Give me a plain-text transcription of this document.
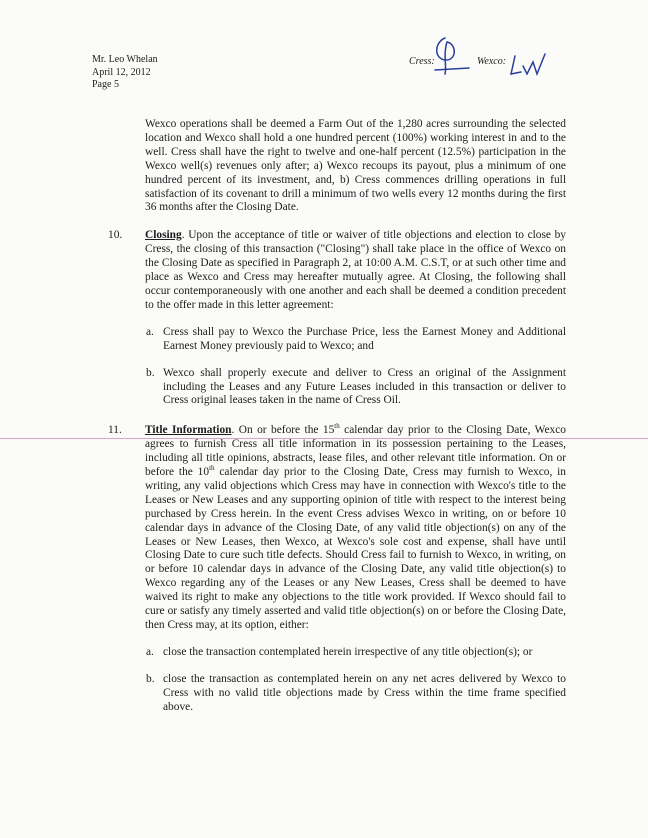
Mr. Leo Whelan
April 12, 2012
Page 5
Cress:	Wexco:

Wexco operations shall be deemed a Farm Out of the 1,280 acres surrounding the selected location and Wexco shall hold a one hundred percent (100%) working interest in and to the well. Cress shall have the right to twelve and one-half percent (12.5%) participation in the Wexco well(s) revenues only after; a) Wexco recoups its payout, plus a minimum of one hundred percent of its investment, and, b) Cress commences drilling operations in full satisfaction of its covenant to drill a minimum of two wells every 12 months during the first 36 months after the Closing Date.

10. Closing. Upon the acceptance of title or waiver of title objections and election to close by Cress, the closing of this transaction ("Closing") shall take place in the office of Wexco on the Closing Date as specified in Paragraph 2, at 10:00 A.M. C.S.T, or at such other time and place as Wexco and Cress may hereafter mutually agree. At Closing, the following shall occur contemporaneously with one another and each shall be deemed a condition precedent to the offer made in this letter agreement:
a. Cress shall pay to Wexco the Purchase Price, less the Earnest Money and Additional Earnest Money previously paid to Wexco; and
b. Wexco shall properly execute and deliver to Cress an original of the Assignment including the Leases and any Future Leases included in this transaction or deliver to Cress original leases taken in the name of Cress Oil.
11. Title Information. On or before the 15th calendar day prior to the Closing Date, Wexco agrees to furnish Cress all title information in its possession pertaining to the Leases, including all title opinions, abstracts, lease files, and other relevant title information. On or before the 10th calendar day prior to the Closing Date, Cress may furnish to Wexco, in writing, any valid objections which Cress may have in connection with Wexco's title to the Leases or New Leases and any supporting opinion of title with respect to the interest being purchased by Cress herein. In the event Cress advises Wexco in writing, on or before 10 calendar days in advance of the Closing Date, of any valid title objection(s) on any of the Leases or New Leases, then Wexco, at Wexco's sole cost and expense, shall have until Closing Date to cure such title defects. Should Cress fail to furnish to Wexco, in writing, on or before 10 calendar days in advance of the Closing Date, any valid title objection(s) to Wexco regarding any of the Leases or any New Leases, Cress shall be deemed to have waived its right to make any objections to the title work provided. If Wexco should fail to cure or satisfy any timely asserted and valid title objection(s) on or before the Closing Date, then Cress may, at its option, either:
a. close the transaction contemplated herein irrespective of any title objection(s); or
b. close the transaction as contemplated herein on any net acres delivered by Wexco to Cress with no valid title objections made by Cress within the time frame specified above.
